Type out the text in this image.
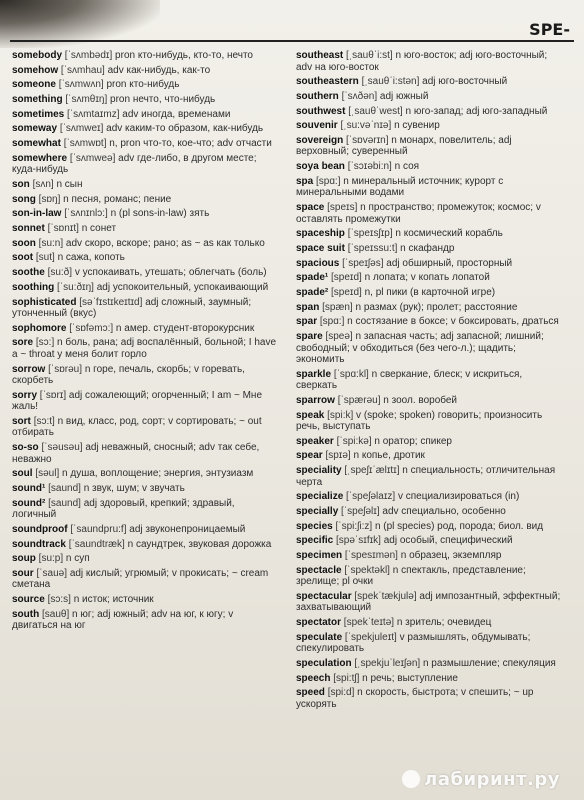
SPE-

somebody [ˈsʌmbədɪ] pron кто-нибудь, кто-то, нечто

somehow [ˈsʌmhau] adv как-нибудь, как-то

someone [ˈsʌmwʌn] pron кто-нибудь

something [ˈsʌmθɪŋ] pron нечто, что-нибудь

sometimes [ˈsʌmtaɪmz] adv иногда, временами

someway [ˈsʌmweɪ] adv каким-то образом, как-нибудь

somewhat [ˈsʌmwɒt] n, pron что-то, кое-что; adv отчасти

somewhere [ˈsʌmweə] adv где-либо, в другом месте; куда-нибудь

son [sʌn] n сын

song [sɒŋ] n песня, романс; пение

son-in-law [ˈsʌnɪnlɔ:] n (pl sons-in-law) зять

sonnet [ˈsɒnɪt] n сонет

soon [su:n] adv скоро, вскоре; рано; as ~ as как только

soot [sut] n сажа, копоть

soothe [su:ð] v успокаивать, утешать; облегчать (боль)

soothing [ˈsu:ðɪŋ] adj успокоительный, успокаивающий

sophisticated [səˈfɪstɪkeɪtɪd] adj сложный, заумный; утонченный (вкус)

sophomore [ˈsɒfəmɔ:] n амер. студент-второкурсник

sore [sɔ:] n боль, рана; adj воспалённый, больной; I have a ~ throat у меня болит горло

sorrow [ˈsɒrəu] n горе, печаль, скорбь; v горевать, скорбеть

sorry [ˈsɒrɪ] adj сожалеющий; огорченный; I am ~ Мне жаль!

sort [sɔ:t] n вид, класс, род, сорт; v сортировать; ~ out отбирать

so-so [ˈsəusəu] adj неважный, сносный; adv так себе, неважно

soul [səul] n душа, воплощение; энергия, энтузиазм

sound¹ [saund] n звук, шум; v звучать

sound² [saund] adj здоровый, крепкий; здравый, логичный

soundproof [ˈsaundpru:f] adj звуконепроницаемый

soundtrack [ˈsaundtræk] n саундтрек, звуковая дорожка

soup [su:p] n суп

sour [ˈsauə] adj кислый; угрюмый; v прокисать; ~ cream сметана

source [sɔ:s] n исток; источник

south [sauθ] n юг; adj южный; adv на юг, к югу; v двигаться на юг

southeast [ˌsauθˈi:st] n юго-восток; adj юго-восточный; adv на юго-восток

southeastern [ˌsauθˈi:stən] adj юго-восточный

southern [ˈsʌðən] adj южный

southwest [ˌsauθˈwest] n юго-запад; adj юго-западный

souvenir [ˌsu:vəˈnɪə] n сувенир

sovereign [ˈsɒvərɪn] n монарх, повелитель; adj верховный; суверенный

soya bean [ˈsɔɪəbi:n] n соя

spa [spɑ:] n минеральный источник; курорт с минеральными водами

space [speɪs] n пространство; промежуток; космос; v оставлять промежутки

spaceship [ˈspeɪsʃɪp] n космический корабль

space suit [ˈspeɪssu:t] n скафандр

spacious [ˈspeɪʃəs] adj обширный, просторный

spade¹ [speɪd] n лопата; v копать лопатой

spade² [speɪd] n, pl пики (в карточной игре)

span [spæn] n размах (рук); пролет; расстояние

spar [spɑ:] n состязание в боксе; v боксировать, драться

spare [speə] n запасная часть; adj запасной; лишний; свободный; v обходиться (без чего-л.); щадить; экономить

sparkle [ˈspɑ:kl] n сверкание, блеск; v искриться, сверкать

sparrow [ˈspærəu] n зоол. воробей

speak [spi:k] v (spoke; spoken) говорить; произносить речь, выступать

speaker [ˈspi:kə] n оратор; спикер

spear [spɪə] n копье, дротик

speciality [ˌspeʃɪˈælɪtɪ] n специальность; отличительная черта

specialize [ˈspeʃəlaɪz] v специализироваться (in)

specially [ˈspeʃəlɪ] adv специально, особенно

species [ˈspi:ʃi:z] n (pl species) род, порода; биол. вид

specific [spəˈsɪfɪk] adj особый, специфический

specimen [ˈspesɪmən] n образец, экземпляр

spectacle [ˈspektəkl] n спектакль, представление; зрелище; pl очки

spectacular [spekˈtækjulə] adj импозантный, эффектный; захватывающий

spectator [spekˈteɪtə] n зритель; очевидец

speculate [ˈspekjuleɪt] v размышлять, обдумывать; спекулировать

speculation [ˌspekjuˈleɪʃən] n размышление; спекуляция

speech [spi:tʃ] n речь; выступление

speed [spi:d] n скорость, быстрота; v спешить; ~ up ускорять

лабиринт.ру
